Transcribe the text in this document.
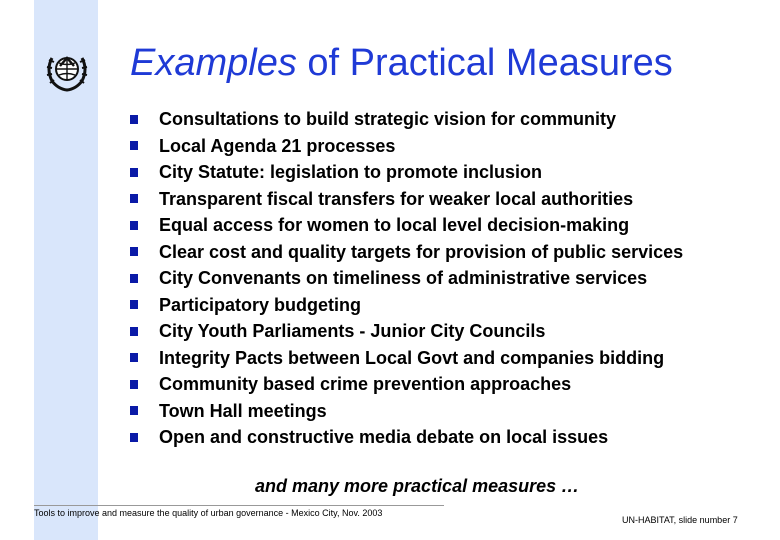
Examples of Practical Measures
Consultations to build strategic vision for community
Local Agenda 21 processes
City Statute: legislation to promote inclusion
Transparent fiscal transfers for weaker local authorities
Equal access for women to local level decision-making
Clear cost and quality targets for provision of public services
City Convenants on timeliness of administrative services
Participatory budgeting
City Youth Parliaments - Junior City Councils
Integrity Pacts between Local Govt and companies bidding
Community based crime prevention approaches
Town Hall meetings
Open and constructive media debate on local issues
and many more practical measures …
Tools to improve and measure the quality of urban governance - Mexico City, Nov. 2003
UN-HABITAT, slide number 7
